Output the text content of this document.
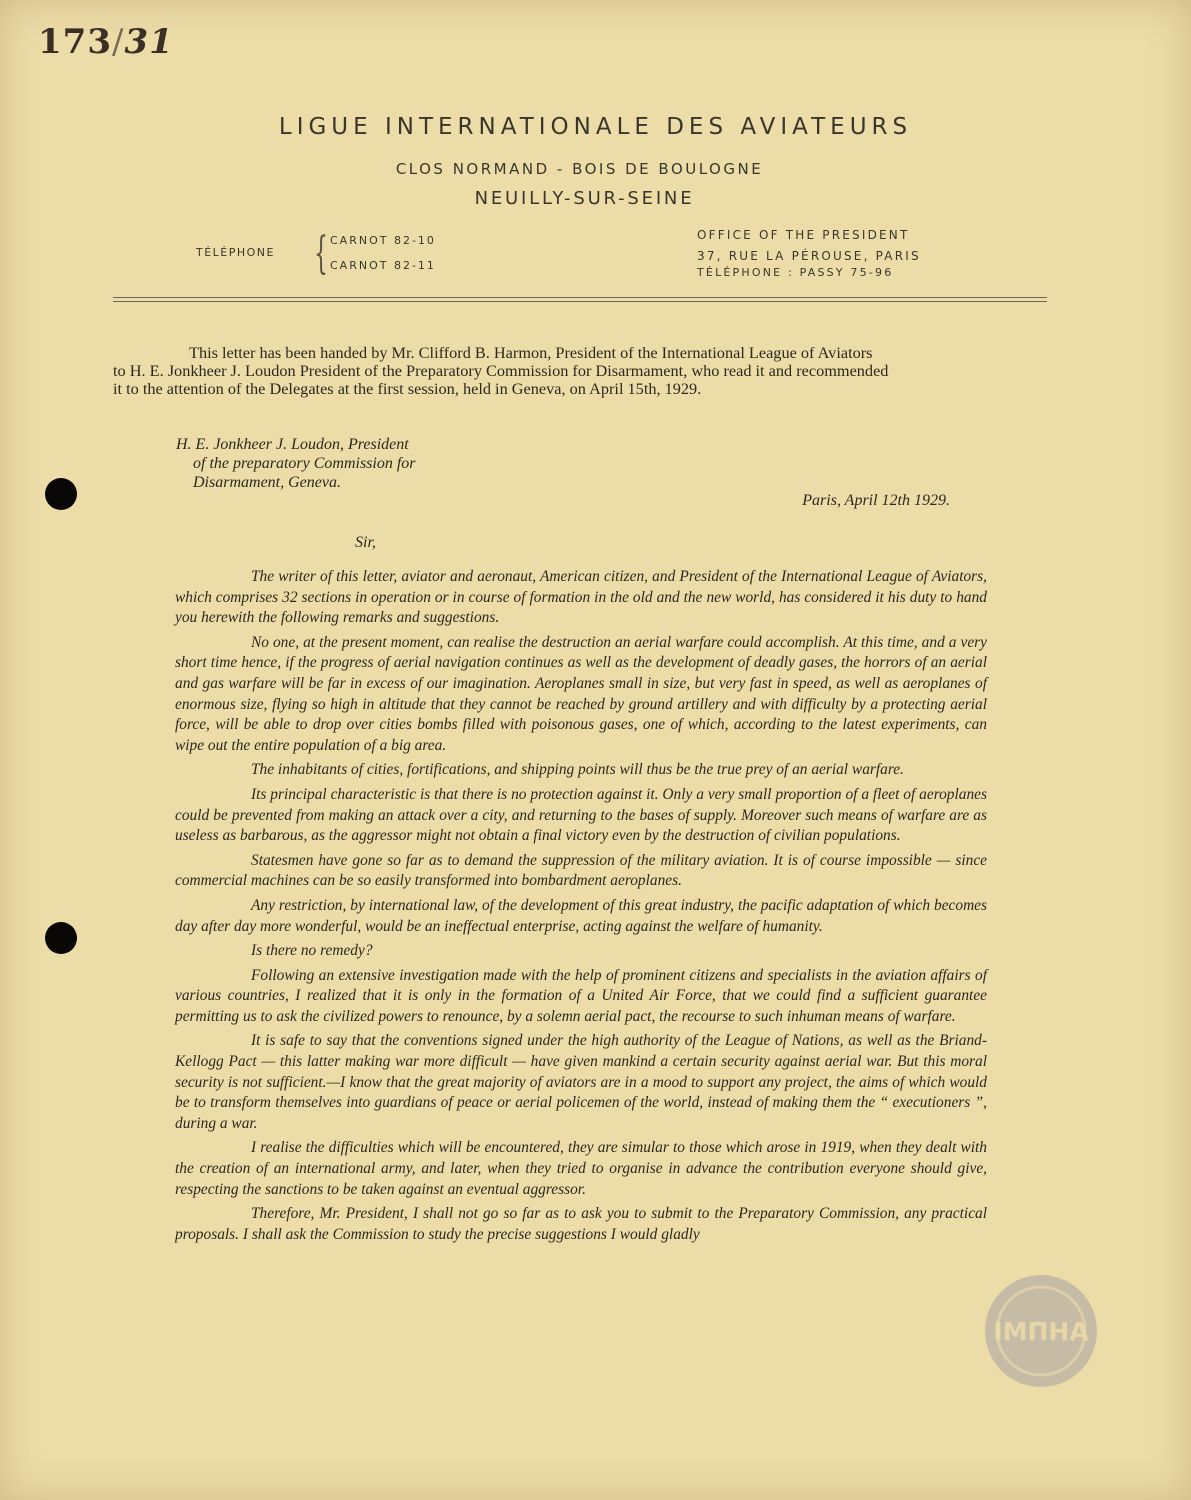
173/31
LIGUE INTERNATIONALE DES AVIATEURS
CLOS NORMAND - BOIS DE BOULOGNE
NEUILLY-SUR-SEINE
TÉLÉPHONE { CARNOT 82-10
CARNOT 82-11
OFFICE OF THE PRESIDENT
37, RUE LA PÉROUSE, PARIS
TÉLÉPHONE : PASSY 75-96
This letter has been handed by Mr. Clifford B. Harmon, President of the International League of Aviators
to H. E. Jonkheer J. Loudon President of the Preparatory Commission for Disarmament, who read it and recommended
it to the attention of the Delegates at the first session, held in Geneva, on April 15th, 1929.
H. E. Jonkheer J. Loudon, President
of the preparatory Commission for
Disarmament, Geneva.
Paris, April 12th 1929.
Sir,

The writer of this letter, aviator and aeronaut, American citizen, and President of the International League of Aviators, which comprises 32 sections in operation or in course of formation in the old and the new world, has considered it his duty to hand you herewith the following remarks and suggestions.

No one, at the present moment, can realise the destruction an aerial warfare could accomplish. At this time, and a very short time hence, if the progress of aerial navigation continues as well as the development of deadly gases, the horrors of an aerial and gas warfare will be far in excess of our imagination. Aeroplanes small in size, but very fast in speed, as well as aeroplanes of enormous size, flying so high in altitude that they cannot be reached by ground artillery and with difficulty by a protecting aerial force, will be able to drop over cities bombs filled with poisonous gases, one of which, according to the latest experiments, can wipe out the entire population of a big area.

The inhabitants of cities, fortifications, and shipping points will thus be the true prey of an aerial warfare.

Its principal characteristic is that there is no protection against it. Only a very small proportion of a fleet of aeroplanes could be prevented from making an attack over a city, and returning to the bases of supply. Moreover such means of warfare are as useless as barbarous, as the aggressor might not obtain a final victory even by the destruction of civilian populations.

Statesmen have gone so far as to demand the suppression of the military aviation. It is of course impossible — since commercial machines can be so easily transformed into bombardment aeroplanes.

Any restriction, by international law, of the development of this great industry, the pacific adaptation of which becomes day after day more wonderful, would be an ineffectual enterprise, acting against the welfare of humanity.

Is there no remedy?

Following an extensive investigation made with the help of prominent citizens and specialists in the aviation affairs of various countries, I realized that it is only in the formation of a United Air Force, that we could find a sufficient guarantee permitting us to ask the civilized powers to renounce, by a solemn aerial pact, the recourse to such inhuman means of warfare.

It is safe to say that the conventions signed under the high authority of the League of Nations, as well as the Briand-Kellogg Pact — this latter making war more difficult — have given mankind a certain security against aerial war. But this moral security is not sufficient.—I know that the great majority of aviators are in a mood to support any project, the aims of which would be to transform themselves into guardians of peace or aerial policemen of the world, instead of making them the “ executioners ”, during a war.

I realise the difficulties which will be encountered, they are simular to those which arose in 1919, when they dealt with the creation of an international army, and later, when they tried to organise in advance the contribution everyone should give, respecting the sanctions to be taken against an eventual aggressor.

Therefore, Mr. President, I shall not go so far as to ask you to submit to the Preparatory Commission, any practical proposals. I shall ask the Commission to study the precise suggestions I would gladly

ΙΜΠΗΑ
